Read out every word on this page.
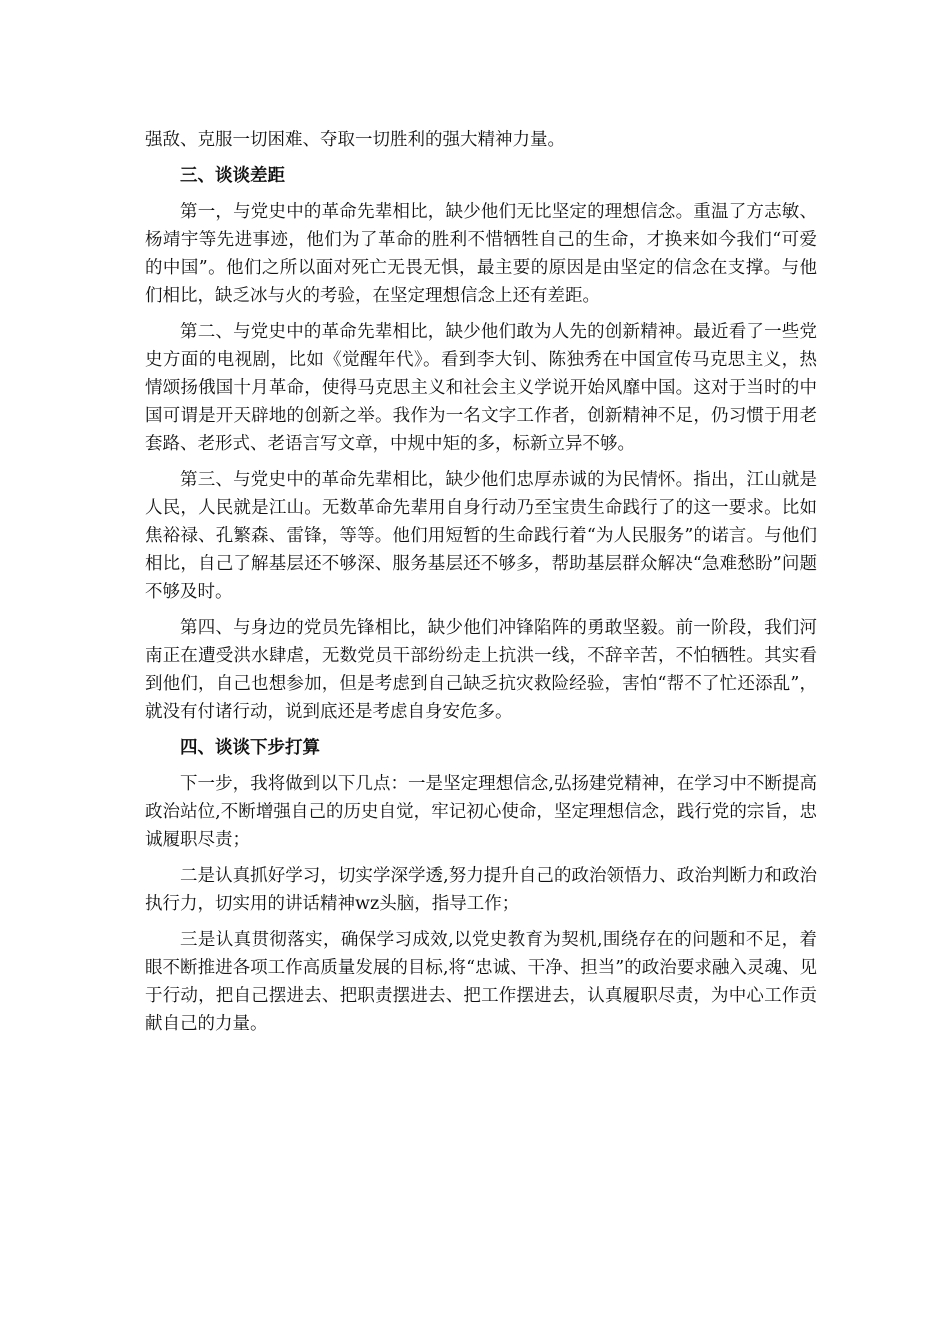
强敌、克服一切困难、夺取一切胜利的强大精神力量。

三、谈谈差距

第一，与党史中的革命先辈相比，缺少他们无比坚定的理想信念。重温了方志敏、杨靖宇等先进事迹，他们为了革命的胜利不惜牺牲自己的生命，才换来如今我们“可爱的中国”。他们之所以面对死亡无畏无惧，最主要的原因是由坚定的信念在支撑。与他们相比，缺乏冰与火的考验，在坚定理想信念上还有差距。

第二、与党史中的革命先辈相比，缺少他们敢为人先的创新精神。最近看了一些党史方面的电视剧，比如《觉醒年代》。看到李大钊、陈独秀在中国宣传马克思主义，热情颂扬俄国十月革命，使得马克思主义和社会主义学说开始风靡中国。这对于当时的中国可谓是开天辟地的创新之举。我作为一名文字工作者，创新精神不足，仍习惯于用老套路、老形式、老语言写文章，中规中矩的多，标新立异不够。

第三、与党史中的革命先辈相比，缺少他们忠厚赤诚的为民情怀。指出，江山就是人民，人民就是江山。无数革命先辈用自身行动乃至宝贵生命践行了的这一要求。比如焦裕禄、孔繁森、雷锋，等等。他们用短暂的生命践行着“为人民服务”的诺言。与他们相比，自己了解基层还不够深、服务基层还不够多，帮助基层群众解决“急难愁盼”问题不够及时。

第四、与身边的党员先锋相比，缺少他们冲锋陷阵的勇敢坚毅。前一阶段，我们河南正在遭受洪水肆虐，无数党员干部纷纷走上抗洪一线，不辞辛苦，不怕牺牲。其实看到他们，自己也想参加，但是考虑到自己缺乏抗灾救险经验，害怕“帮不了忙还添乱”，就没有付诸行动，说到底还是考虑自身安危多。

四、谈谈下步打算

下一步，我将做到以下几点：一是坚定理想信念,弘扬建党精神，在学习中不断提高政治站位,不断增强自己的历史自觉，牢记初心使命，坚定理想信念，践行党的宗旨，忠诚履职尽责；

二是认真抓好学习，切实学深学透,努力提升自己的政治领悟力、政治判断力和政治执行力，切实用的讲话精神wz头脑，指导工作；

三是认真贯彻落实，确保学习成效,以党史教育为契机,围绕存在的问题和不足，着眼不断推进各项工作高质量发展的目标,将“忠诚、干净、担当”的政治要求融入灵魂、见于行动，把自己摆进去、把职责摆进去、把工作摆进去，认真履职尽责，为中心工作贡献自己的力量。
